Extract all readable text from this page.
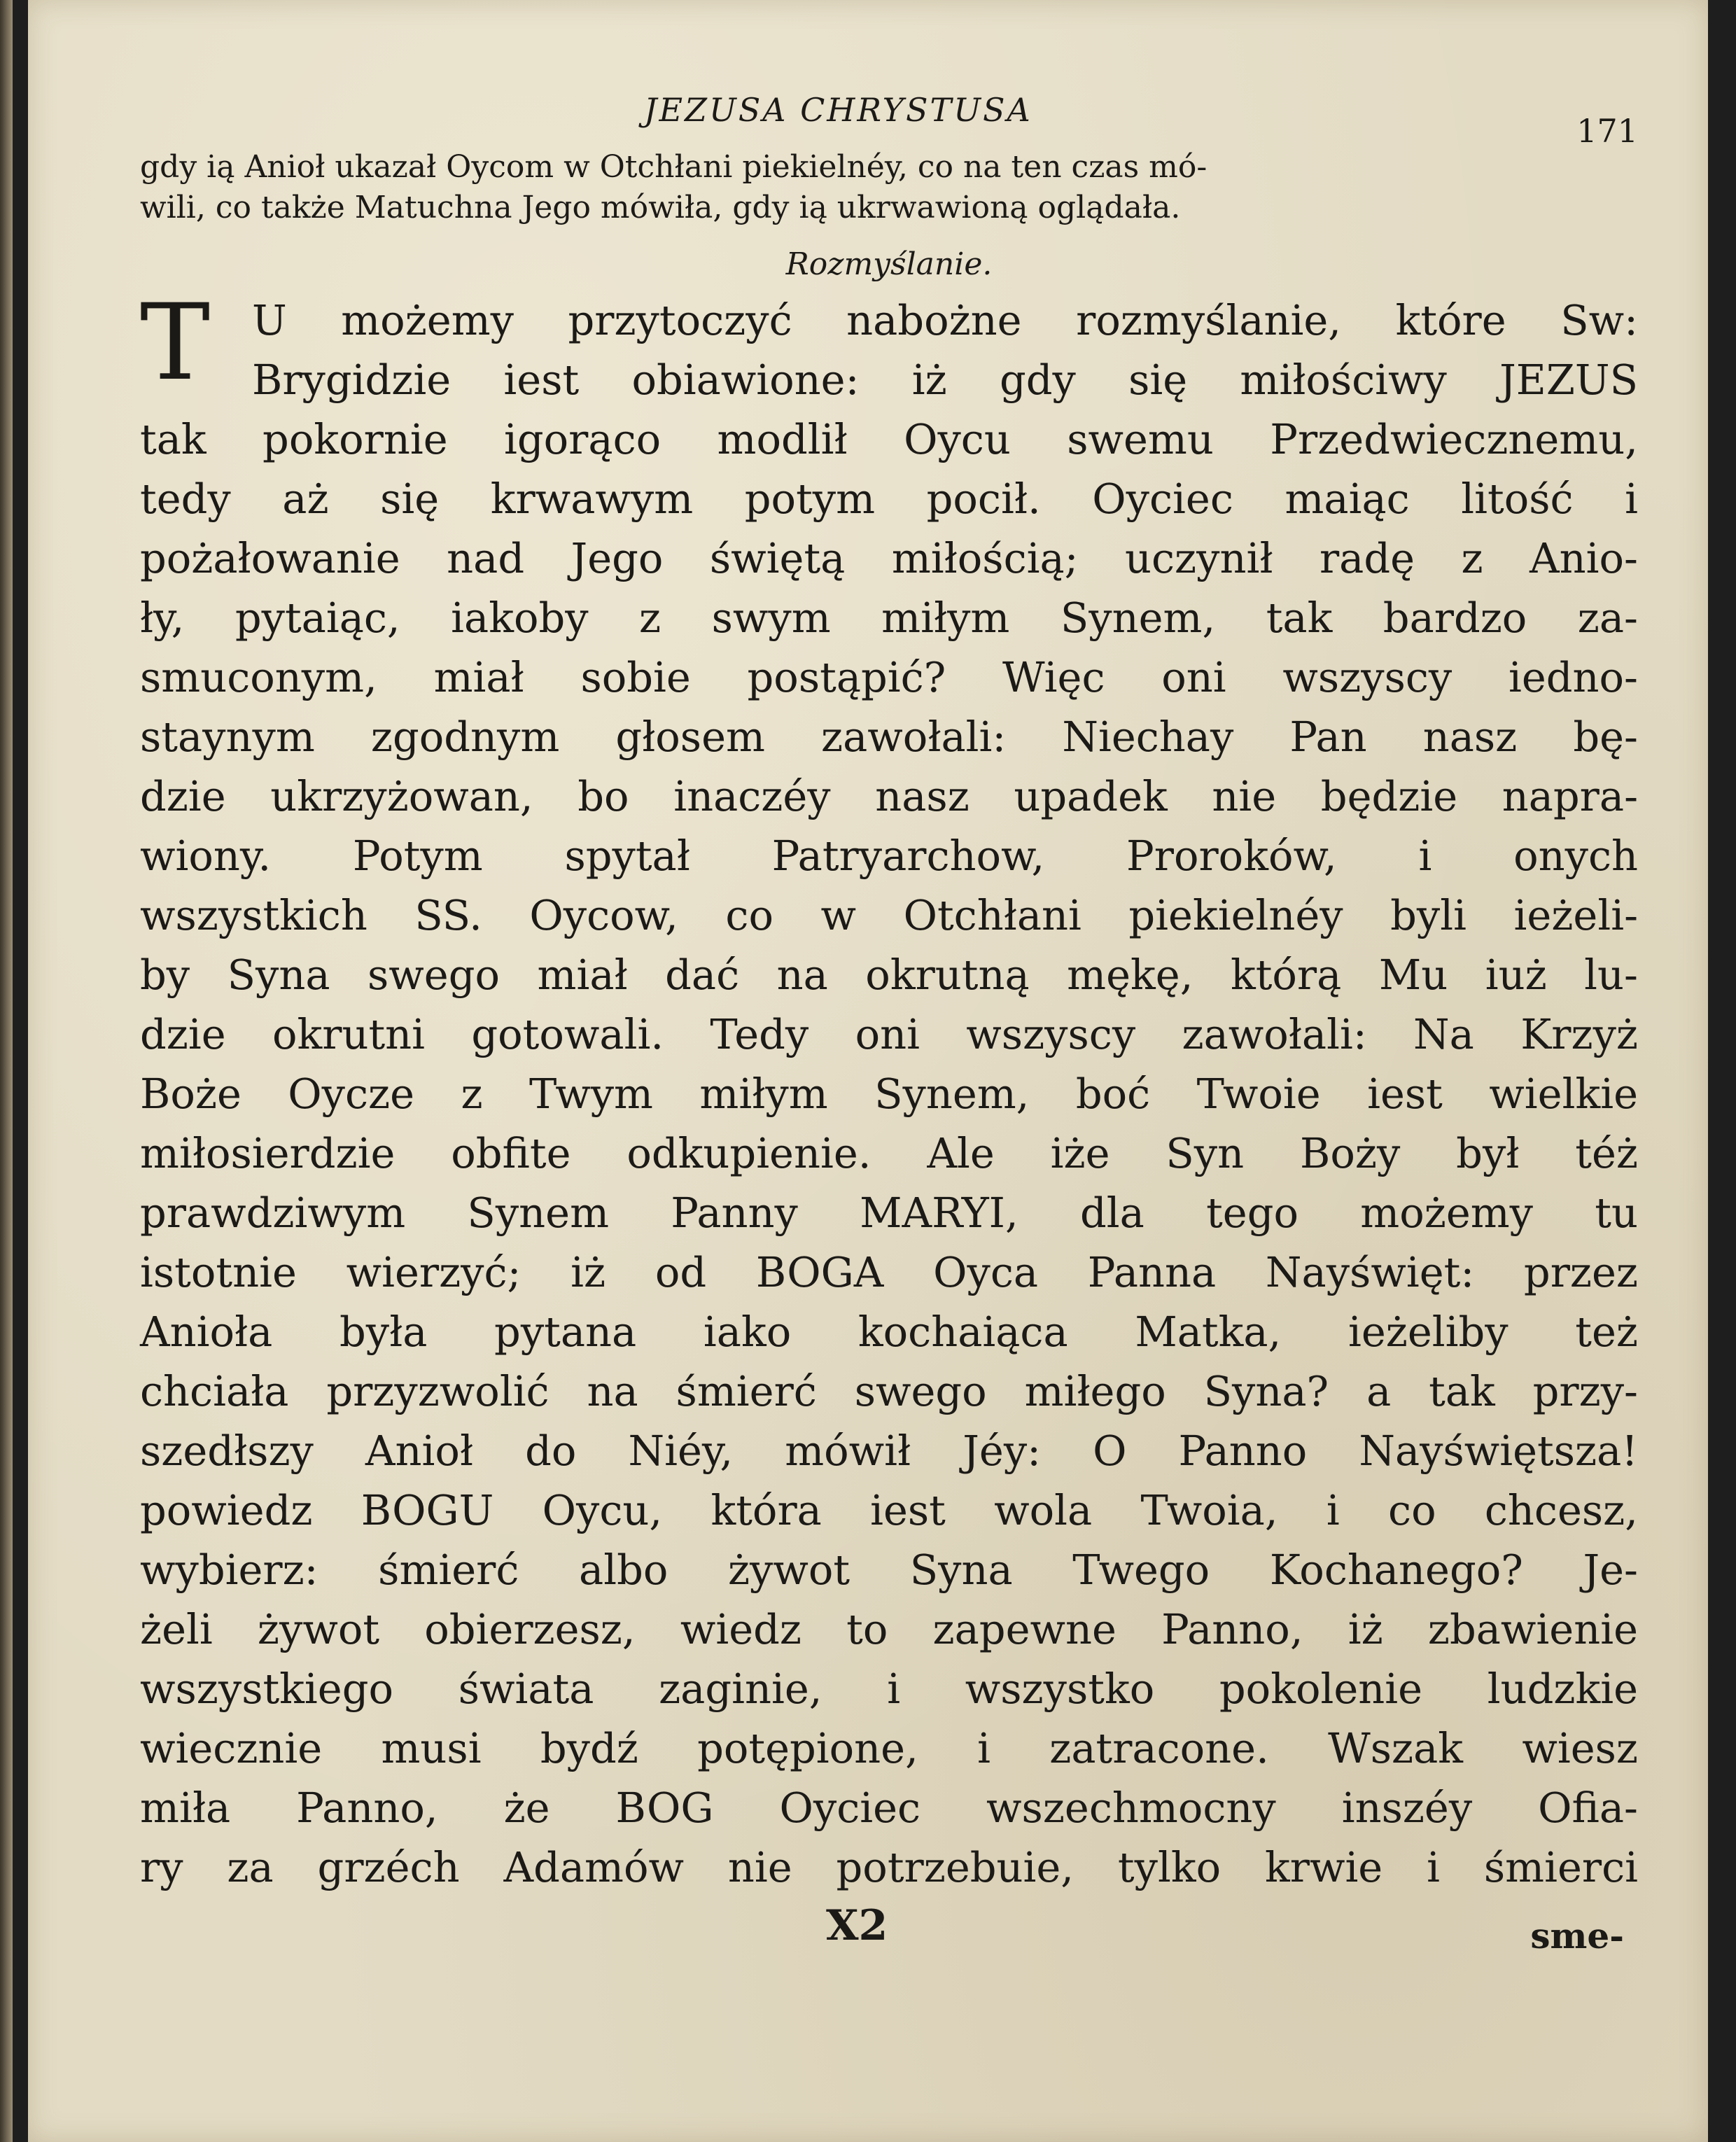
JEZUSA CHRYSTUSA
171
gdy ią Anioł ukazał Oycom w Otchłani piekielnéy, co na ten czas mó-
wili, co także Matuchna Jego mówiła, gdy ią ukrwawioną oglądała.
Rozmyślanie.
T	U możemy przytoczyć nabożne rozmyślanie, które Sw:
Brygidzie iest obiawione: iż gdy się miłościwy JEZUS
tak pokornie igorąco modlił Oycu swemu Przedwiecznemu,
tedy aż się krwawym potym pocił. Oyciec maiąc litość i
pożałowanie nad Jego świętą miłością; uczynił radę z Anio-
ły, pytaiąc, iakoby z swym miłym Synem, tak bardzo za-
smuconym, miał sobie postąpić? Więc oni wszyscy iedno-
staynym zgodnym głosem zawołali: Niechay Pan nasz bę-
dzie ukrzyżowan, bo inaczéy nasz upadek nie będzie napra-
wiony. Potym spytał Patryarchow, Proroków, i onych
wszystkich SS. Oycow, co w Otchłani piekielnéy byli ieżeli-
by Syna swego miał dać na okrutną mękę, którą Mu iuż lu-
dzie okrutni gotowali. Tedy oni wszyscy zawołali: Na Krzyż
Boże Oycze z Twym miłym Synem, boć Twoie iest wielkie
miłosierdzie obfite odkupienie. Ale iże Syn Boży był téż
prawdziwym Synem Panny MARYI, dla tego możemy tu
istotnie wierzyć; iż od BOGA Oyca Panna Nayświęt: przez
Anioła była pytana iako kochaiąca Matka, ieżeliby też
chciała przyzwolić na śmierć swego miłego Syna? a tak przy-
szedłszy Anioł do Niéy, mówił Jéy: O Panno Nayświętsza!
powiedz BOGU Oycu, która iest wola Twoia, i co chcesz,
wybierz: śmierć albo żywot Syna Twego Kochanego? Je-
żeli żywot obierzesz, wiedz to zapewne Panno, iż zbawienie
wszystkiego świata zaginie, i wszystko pokolenie ludzkie
wiecznie musi bydź potępione, i zatracone. Wszak wiesz
miła Panno, że BOG Oyciec wszechmocny inszéy Ofia-
ry za grzéch Adamów nie potrzebuie, tylko krwie i śmierci
X2	sme-
